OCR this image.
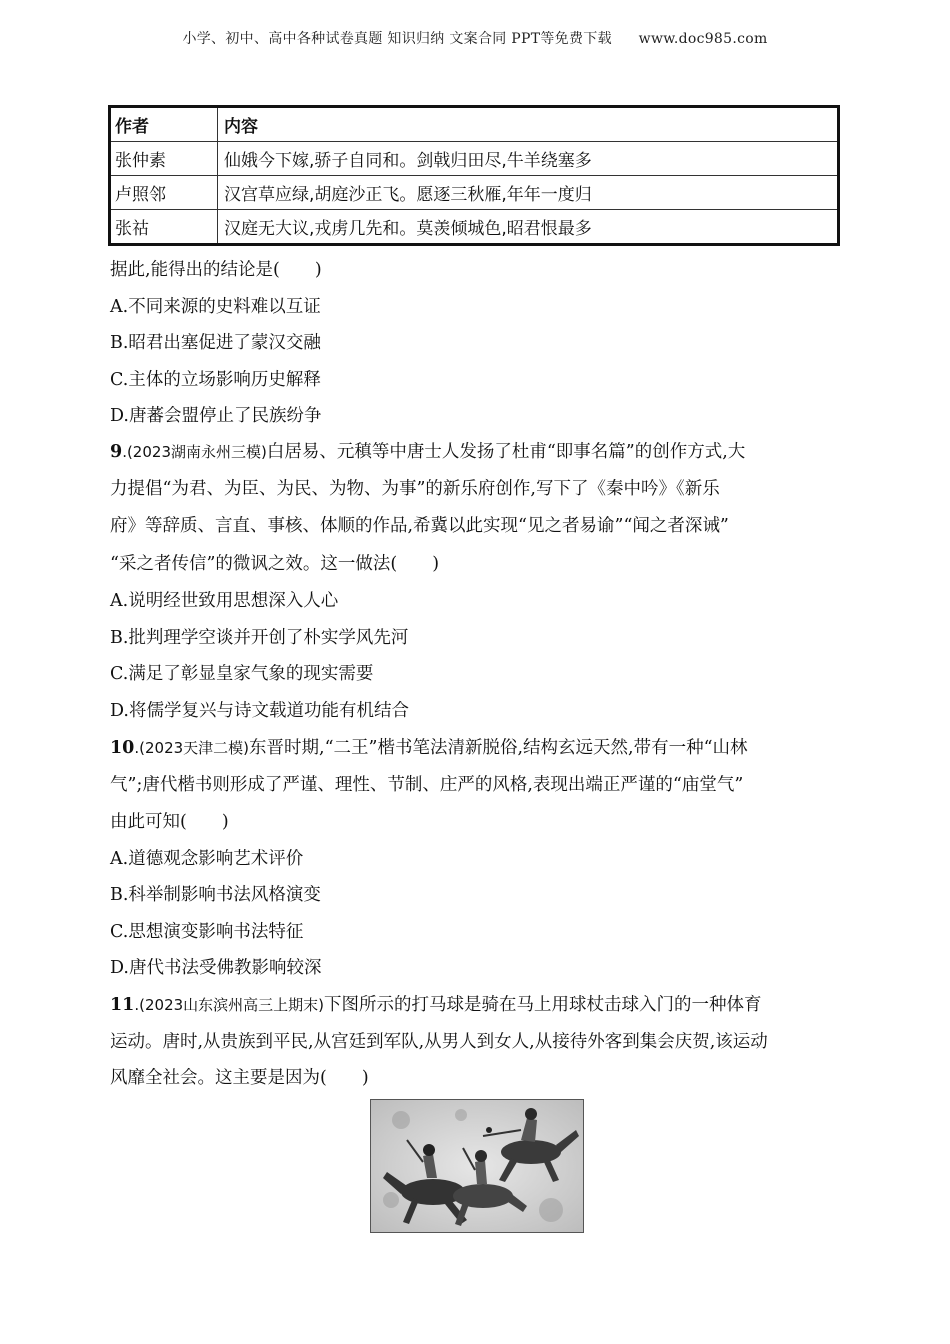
小学、初中、高中各种试卷真题 知识归纳 文案合同 PPT等免费下载 www.doc985.com
作者	内容
张仲素	仙娥今下嫁,骄子自同和。剑戟归田尽,牛羊绕塞多
卢照邻	汉宫草应绿,胡庭沙正飞。愿逐三秋雁,年年一度归
张祜	汉庭无大议,戎虏几先和。莫羡倾城色,昭君恨最多
据此,能得出的结论是(　　)
A.不同来源的史料难以互证
B.昭君出塞促进了蒙汉交融
C.主体的立场影响历史解释
D.唐蕃会盟停止了民族纷争
9.(2023湖南永州三模)白居易、元稹等中唐士人发扬了杜甫“即事名篇”的创作方式,大
力提倡“为君、为臣、为民、为物、为事”的新乐府创作,写下了《秦中吟》《新乐
府》等辞质、言直、事核、体顺的作品,希冀以此实现“见之者易谕”“闻之者深诫”
“采之者传信”的微讽之效。这一做法(　　)
A.说明经世致用思想深入人心
B.批判理学空谈并开创了朴实学风先河
C.满足了彰显皇家气象的现实需要
D.将儒学复兴与诗文载道功能有机结合
10.(2023天津二模)东晋时期,“二王”楷书笔法清新脱俗,结构玄远天然,带有一种“山林
气”;唐代楷书则形成了严谨、理性、节制、庄严的风格,表现出端正严谨的“庙堂气”
由此可知(　　)
A.道德观念影响艺术评价
B.科举制影响书法风格演变
C.思想演变影响书法特征
D.唐代书法受佛教影响较深
11.(2023山东滨州高三上期末)下图所示的打马球是骑在马上用球杖击球入门的一种体育
运动。唐时,从贵族到平民,从宫廷到军队,从男人到女人,从接待外客到集会庆贺,该运动
风靡全社会。这主要是因为(　　)
